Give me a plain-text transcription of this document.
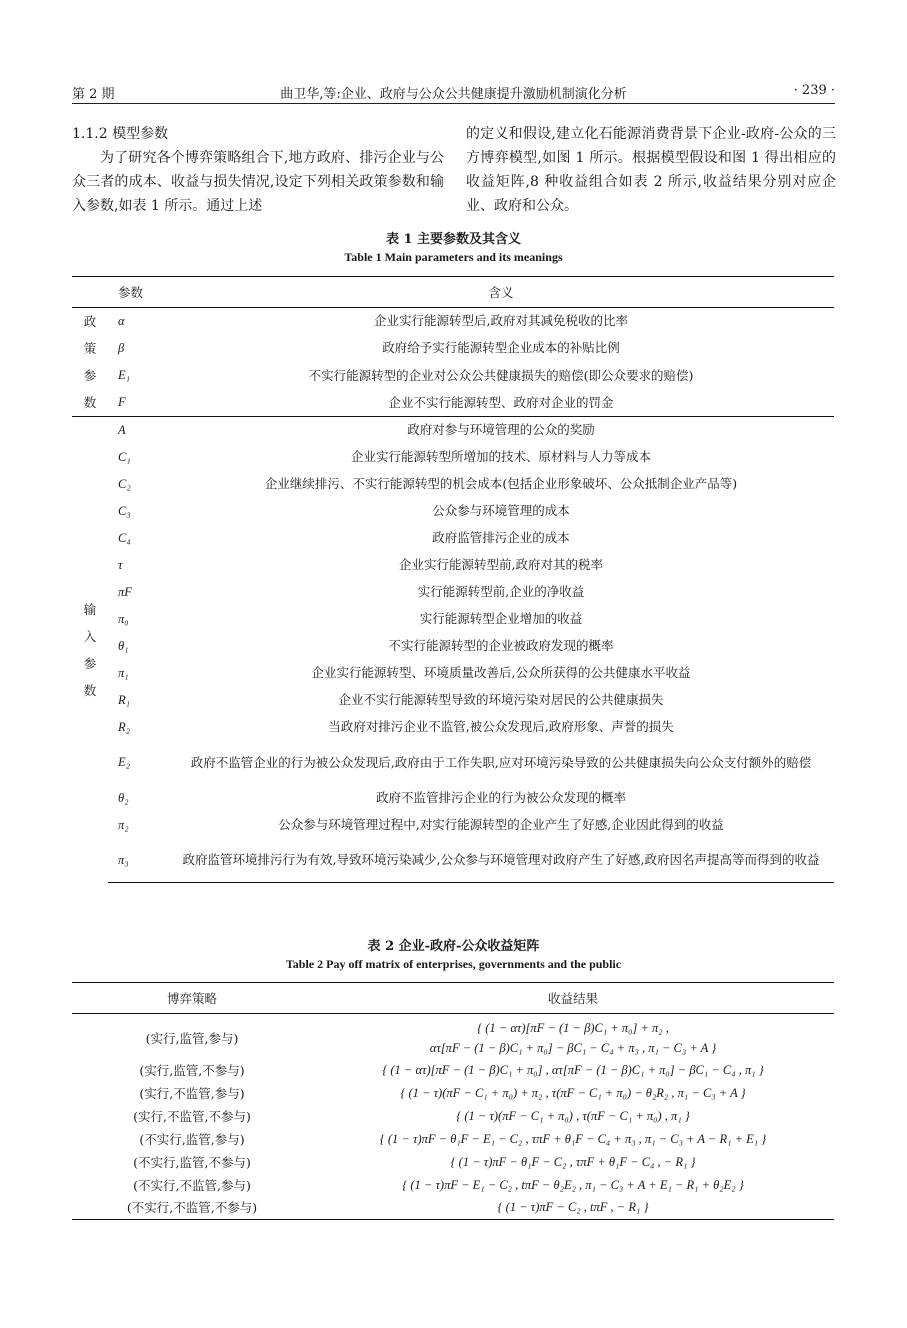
第 2 期	曲卫华,等:企业、政府与公众公共健康提升激励机制演化分析	· 239 ·

1.1.2 模型参数

为了研究各个博弈策略组合下,地方政府、排污企业与公众三者的成本、收益与损失情况,设定下列相关政策参数和输入参数,如表 1 所示。通过上述

的定义和假设,建立化石能源消费背景下企业-政府-公众的三方博弈模型,如图 1 所示。根据模型假设和图 1 得出相应的收益矩阵,8 种收益组合如表 2 所示,收益结果分别对应企业、政府和公众。

表 1 主要参数及其含义
Table 1 Main parameters and its meanings
参数		含义

政
策
参
数	α	企业实行能源转型后,政府对其减免税收的比率
	β	政府给予实行能源转型企业成本的补贴比例
	E₁	不实行能源转型的企业对公众公共健康损失的赔偿(即公众要求的赔偿)
	F	企业不实行能源转型、政府对企业的罚金

输
入
参
数	A	政府对参与环境管理的公众的奖励
	C₁	企业实行能源转型所增加的技术、原材料与人力等成本
	C₂	企业继续排污、不实行能源转型的机会成本(包括企业形象破坏、公众抵制企业产品等)
	C₃	公众参与环境管理的成本
	C₄	政府监管排污企业的成本
	τ	企业实行能源转型前,政府对其的税率
	πF	实行能源转型前,企业的净收益
	π₀	实行能源转型企业增加的收益
	θ₁	不实行能源转型的企业被政府发现的概率
	π₁	企业实行能源转型、环境质量改善后,公众所获得的公共健康水平收益
	R₁	企业不实行能源转型导致的环境污染对居民的公共健康损失
	R₂	当政府对排污企业不监管,被公众发现后,政府形象、声誉的损失
	E₂	政府不监管企业的行为被公众发现后,政府由于工作失职,应对环境污染导致的公共健康损失向公众支付额外的赔偿
	θ₂	政府不监管排污企业的行为被公众发现的概率
	π₂	公众参与环境管理过程中,对实行能源转型的企业产生了好感,企业因此得到的收益
	π₃	政府监管环境排污行为有效,导致环境污染减少,公众参与环境管理对政府产生了好感,政府因名声提高等而得到的收益
表 2 企业-政府-公众收益矩阵
Table 2 Pay off matrix of enterprises, governments and the public
博弈策略	收益结果
(实行,监管,参与)	{ (1 − ατ)[πF − (1 − β)C₁ + π₀] + π₂ ,
ατ[πF − (1 − β)C₁ + π₀] − βC₁ − C₄ + π₃ , π₁ − C₃ + A }

(实行,监管,不参与)	{ (1 − ατ)[πF − (1 − β)C₁ + π₀] , ατ[πF − (1 − β)C₁ + π₀] − βC₁ − C₄ , π₁ }

(实行,不监管,参与)	{ (1 − τ)(πF − C₁ + π₀) + π₂ , τ(πF − C₁ + π₀) − θ₂R₂ , π₁ − C₃ + A }

(实行,不监管,不参与)	{ (1 − τ)(πF − C₁ + π₀) , τ(πF − C₁ + π₀) , π₁ }

(不实行,监管,参与)	{ (1 − τ)πF − θ₁F − E₁ − C₂ , τπF + θ₁F − C₄ + π₃ , π₁ − C₃ + A − R₁ + E₁ }

(不实行,监管,不参与)	{ (1 − τ)πF − θ₁F − C₂ , τπF + θ₁F − C₄ , − R₁ }

(不实行,不监管,参与)	{ (1 − τ)πF − E₁ − C₂ , tπF − θ₂E₂ , π₁ − C₃ + A + E₁ − R₁ + θ₂E₂ }

(不实行,不监管,不参与)	{ (1 − τ)πF − C₂ , tπF , − R₁ }
